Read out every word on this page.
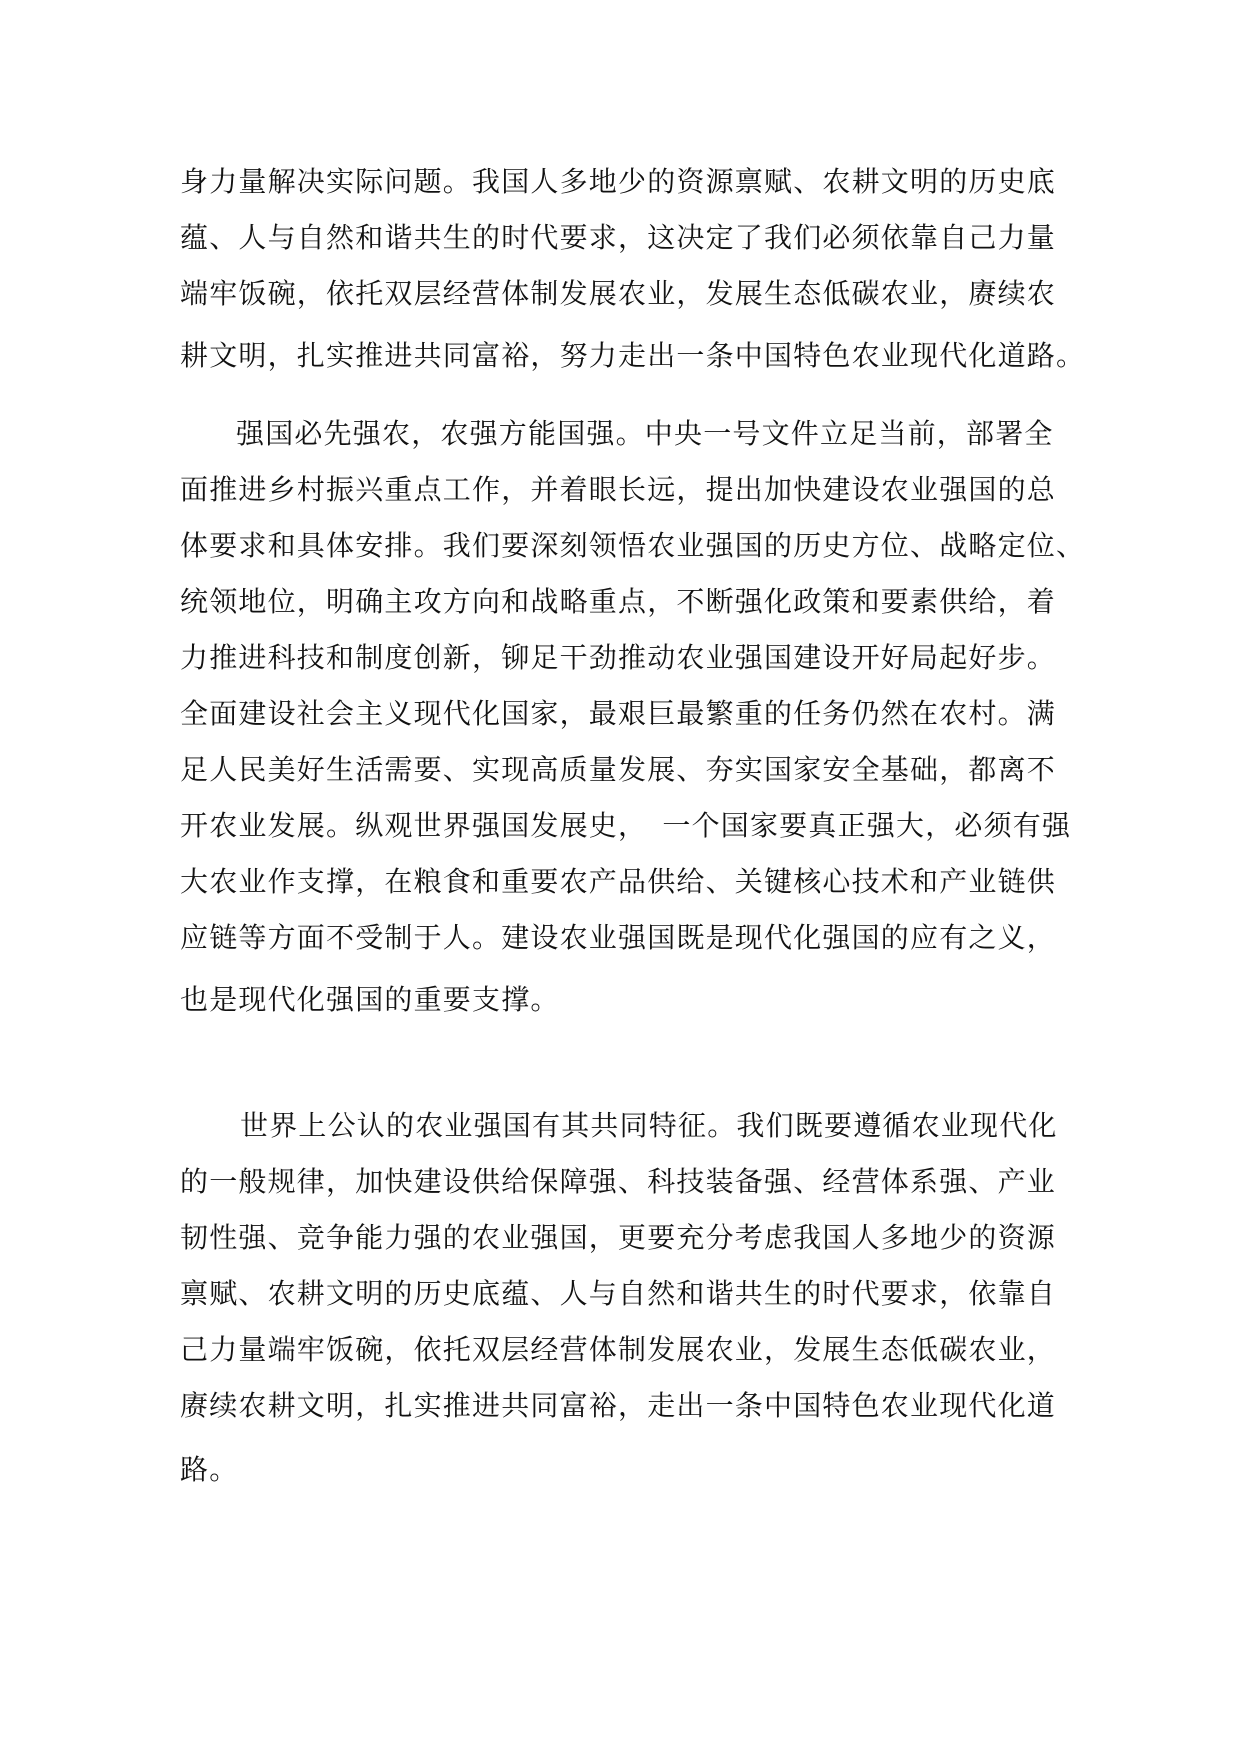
身力量解决实际问题。我国人多地少的资源禀赋、农耕文明的历史底
蕴、人与自然和谐共生的时代要求，这决定了我们必须依靠自己力量
端牢饭碗，依托双层经营体制发展农业，发展生态低碳农业，赓续农
耕文明，扎实推进共同富裕，努力走出一条中国特色农业现代化道路。
强国必先强农，农强方能国强。中央一号文件立足当前，部署全
面推进乡村振兴重点工作，并着眼长远，提出加快建设农业强国的总
体要求和具体安排。我们要深刻领悟农业强国的历史方位、战略定位、
统领地位，明确主攻方向和战略重点，不断强化政策和要素供给，着
力推进科技和制度创新，铆足干劲推动农业强国建设开好局起好步。
全面建设社会主义现代化国家，最艰巨最繁重的任务仍然在农村。满
足人民美好生活需要、实现高质量发展、夯实国家安全基础，都离不
开农业发展。纵观世界强国发展史，　一个国家要真正强大，必须有强
大农业作支撑，在粮食和重要农产品供给、关键核心技术和产业链供
应链等方面不受制于人。建设农业强国既是现代化强国的应有之义，
也是现代化强国的重要支撑。
世界上公认的农业强国有其共同特征。我们既要遵循农业现代化
的一般规律，加快建设供给保障强、科技装备强、经营体系强、产业
韧性强、竞争能力强的农业强国，更要充分考虑我国人多地少的资源
禀赋、农耕文明的历史底蕴、人与自然和谐共生的时代要求，依靠自
己力量端牢饭碗，依托双层经营体制发展农业，发展生态低碳农业，
赓续农耕文明，扎实推进共同富裕，走出一条中国特色农业现代化道
路。
